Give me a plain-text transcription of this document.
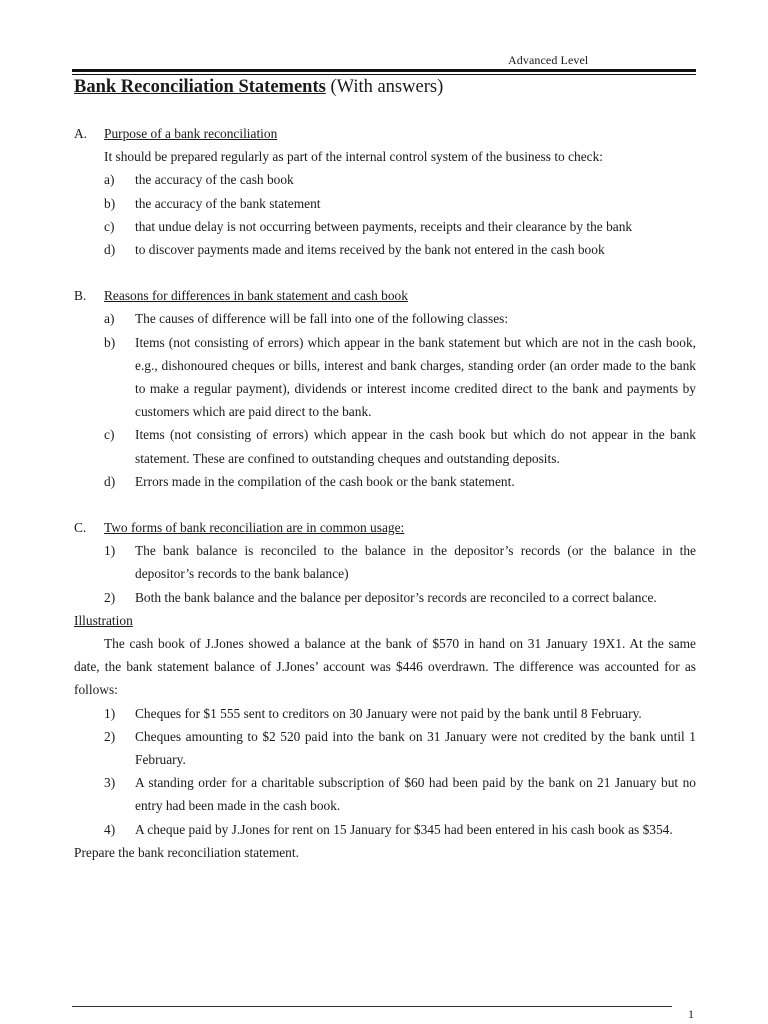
Advanced Level
Bank Reconciliation Statements (With answers)
A.	Purpose of a bank reconciliation
It should be prepared regularly as part of the internal control system of the business to check:
a)	the accuracy of the cash book
b)	the accuracy of the bank statement
c)	that undue delay is not occurring between payments, receipts and their clearance by the bank
d)	to discover payments made and items received by the bank not entered in the cash book
B.	Reasons for differences in bank statement and cash book
a)	The causes of difference will be fall into one of the following classes:
b)	Items (not consisting of errors) which appear in the bank statement but which are not in the cash book, e.g., dishonoured cheques or bills, interest and bank charges, standing order (an order made to the bank to make a regular payment), dividends or interest income credited direct to the bank and payments by customers which are paid direct to the bank.
c)	Items (not consisting of errors) which appear in the cash book but which do not appear in the bank statement. These are confined to outstanding cheques and outstanding deposits.
d)	Errors made in the compilation of the cash book or the bank statement.
C.	Two forms of bank reconciliation are in common usage:
1)	The bank balance is reconciled to the balance in the depositor’s records (or the balance in the depositor’s records to the bank balance)
2)	Both the bank balance and the balance per depositor’s records are reconciled to a correct balance.
Illustration
The cash book of J.Jones showed a balance at the bank of $570 in hand on 31 January 19X1. At the same date, the bank statement balance of J.Jones’ account was $446 overdrawn. The difference was accounted for as follows:
1)	Cheques for $1 555 sent to creditors on 30 January were not paid by the bank until 8 February.
2)	Cheques amounting to $2 520 paid into the bank on 31 January were not credited by the bank until 1 February.
3)	A standing order for a charitable subscription of $60 had been paid by the bank on 21 January but no entry had been made in the cash book.
4)	A cheque paid by J.Jones for rent on 15 January for $345 had been entered in his cash book as $354.
Prepare the bank reconciliation statement.
1
